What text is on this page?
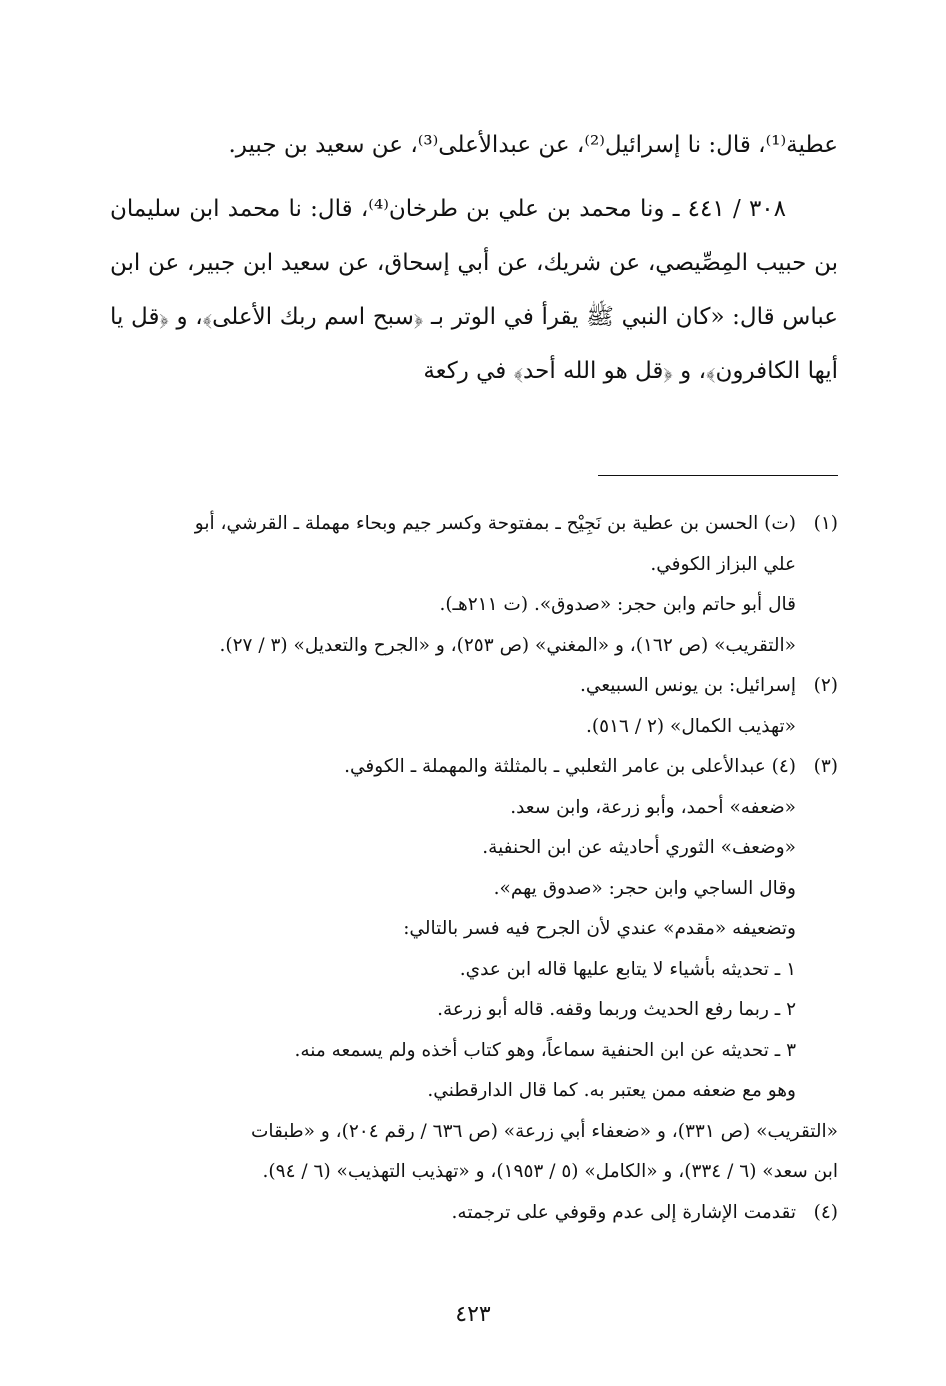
عطية⁽¹⁾، قال: نا إسرائيل⁽²⁾، عن عبدالأعلى⁽³⁾، عن سعيد بن جبير.

٣٠٨ / ٤٤١ ـ ونا محمد بن علي بن طرخان⁽⁴⁾، قال: نا محمد ابن سليمان بن حبيب المِصِّيصي، عن شريك، عن أبي إسحاق، عن سعيد ابن جبير، عن ابن عباس قال: «كان النبي ﷺ يقرأ في الوتر بـ ﴿سبح اسم ربك الأعلى﴾، و ﴿قل يا أيها الكافرون﴾، و ﴿قل هو الله أحد﴾ في ركعة

(١)
(ت) الحسن بن عطية بن نَجِيْح ـ بمفتوحة وكسر جيم وبحاء مهملة ـ القرشي، أبو
علي البزاز الكوفي.
قال أبو حاتم وابن حجر: «صدوق». (ت ٢١١هـ).
«التقريب» (ص ١٦٢)، و «المغني» (ص ٢٥٣)، و «الجرح والتعديل» (٣ / ٢٧).
(٢)
إسرائيل: بن يونس السبيعي.
«تهذيب الكمال» (٢ / ٥١٦).
(٣)
(٤) عبدالأعلى بن عامر الثعلبي ـ بالمثلثة والمهملة ـ الكوفي.
«ضعفه» أحمد، وأبو زرعة، وابن سعد.
«وضعف» الثوري أحاديثه عن ابن الحنفية.
وقال الساجي وابن حجر: «صدوق يهم».
وتضعيفه «مقدم» عندي لأن الجرح فيه فسر بالتالي:
١ ـ تحديثه بأشياء لا يتابع عليها قاله ابن عدي.
٢ ـ ربما رفع الحديث وربما وقفه. قاله أبو زرعة.
٣ ـ تحديثه عن ابن الحنفية سماعاً، وهو كتاب أخذه ولم يسمعه منه.
وهو مع ضعفه ممن يعتبر به. كما قال الدارقطني.
«التقريب» (ص ٣٣١)، و «ضعفاء أبي زرعة» (ص ٦٣٦ / رقم ٢٠٤)، و «طبقات
ابن سعد» (٦ / ٣٣٤)، و «الكامل» (٥ / ١٩٥٣)، و «تهذيب التهذيب» (٦ / ٩٤).
(٤)
تقدمت الإشارة إلى عدم وقوفي على ترجمته.
٤٢٣
